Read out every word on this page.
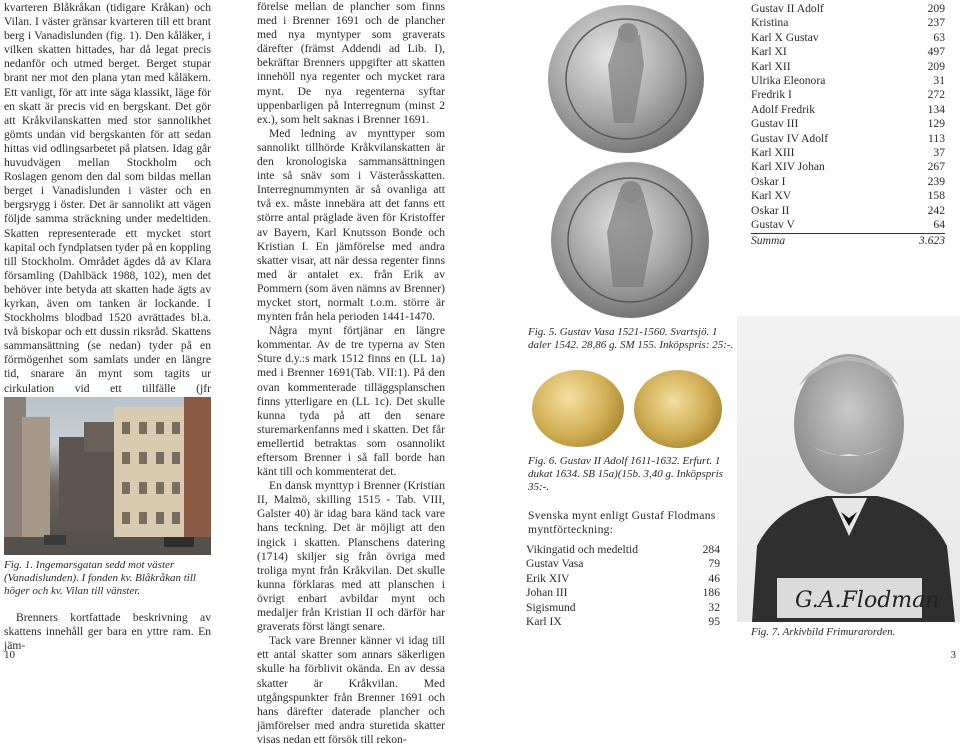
kvarteren Blåkråkan (tidigare Kråkan) och Vilan. I väster gränsar kvarteren till ett brant berg i Vanadislunden (fig. 1). Den kåläker, i vilken skatten hittades, har då legat precis nedanför och utmed berget. Berget stupar brant ner mot den plana ytan med kåläkern. Ett vanligt, för att inte säga klassikt, läge för en skatt är precis vid en bergskant. Det gör att Kråkvilanskatten med stor sannolikhet gömts undan vid bergskanten för att sedan hittas vid odlingsarbetet på platsen. Idag går huvudvägen mellan Stockholm och Roslagen genom den dal som bildas mellan berget i Vanadislunden i väster och en bergsrygg i öster. Det är sannolikt att vägen följde samma sträckning under medeltiden. Skatten representerade ett mycket stort kapital och fyndplatsen tyder på en koppling till Stockholm. Området ägdes då av Klara församling (Dahlbäck 1988, 102), men det behöver inte betyda att skatten hade ägts av kyrkan, även om tanken är lockande. I Stockholms blodbad 1520 avrättades bl.a. två biskopar och ett dussin riksråd. Skattens sammansättning (se nedan) tyder på en förmögenhet som samlats under en längre tid, snarare än mynt som tagits ur cirkulation vid ett tillfälle (jfr

Fig. 1. Ingemarsgatan sedd mot väster (Vanadislunden). I fonden kv. Blåkråkan till höger och kv. Vilan till vänster.

Brenners kortfattade beskrivning av skattens innehåll ger bara en yttre ram. En jäm-

förelse mellan de plancher som finns med i Brenner 1691 och de plancher med nya myntyper som graverats därefter (främst Addendi ad Lib. I), bekräftar Brenners uppgifter att skatten innehöll nya regenter och mycket rara mynt. De nya regenterna syftar uppenbarligen på Interregnum (minst 2 ex.), som helt saknas i Brenner 1691.

Med ledning av mynttyper som sannolikt tillhörde Kråkvilanskatten är den kronologiska sammansättningen inte så snäv som i Västeråsskatten. Interregnummynten är så ovanliga att två ex. måste innebära att det fanns ett större antal präglade även för Kristoffer av Bayern, Karl Knutsson Bonde och Kristian I. En jämförelse med andra skatter visar, att när dessa regenter finns med är antalet ex. från Erik av Pommern (som även nämns av Brenner) mycket stort, normalt t.o.m. större är mynten från hela perioden 1441-1470.

Några mynt förtjänar en längre kommentar. Av de tre typerna av Sten Sture d.y.:s mark 1512 finns en (LL 1a) med i Brenner 1691(Tab. VII:1). På den ovan kommenterade tilläggsplanschen finns ytterligare en (LL 1c). Det skulle kunna tyda på att den senare sturemarkenfanns med i skatten. Det får emellertid betraktas som osannolikt eftersom Brenner i så fall borde han känt till och kommenterat det.

En dansk mynttyp i Brenner (Kristian II, Malmö, skilling 1515 - Tab. VIII, Galster 40) är idag bara känd tack vare hans teckning. Det är möjligt att den ingick i skatten. Planschens datering (1714) skiljer sig från övriga med troliga mynt från Kråkvilan. Det skulle kunna förklaras med att planschen i övrigt enbart avbildar mynt och medaljer från Kristian II och därför har graverats först längt senare.

Tack vare Brenner känner vi idag till ett antal skatter som annars säkerligen skulle ha förblivit okända. En av dessa skatter är Kråkvilan. Med utgångspunkter från Brenner 1691 och hans därefter daterade plancher och jämförelser med andra sturetida skatter visas nedan ett försök till rekon-

Fig. 5. Gustav Vasa 1521-1560. Svartsjö. 1 daler 1542. 28,86 g. SM 155. Inköpspris: 25:-.
Fig. 6. Gustav II Adolf 1611-1632. Erfurt. 1 dukat 1634. SB 15a)(15b. 3,40 g. Inköpspris 35:-.
Svenska mynt enligt Gustaf Flodmans myntförteckning:
Vikingatid och medeltid	284
Gustav Vasa	79
Erik XIV	46
Johan III	186
Sigismund	32
Karl IX	95
Gustav II Adolf	209
Kristina	237
Karl X Gustav	63
Karl XI	497
Karl XII	209
Ulrika Eleonora	31
Fredrik I	272
Adolf Fredrik	134
Gustav III	129
Gustav IV Adolf	113
Karl XIII	37
Karl XIV Johan	267
Oskar I	239
Karl XV	158
Oskar II	242
Gustav V	64
Summa	3.623
G.A.Flodman
Fig. 7. Arkivbild Frimurarorden.
10	3
